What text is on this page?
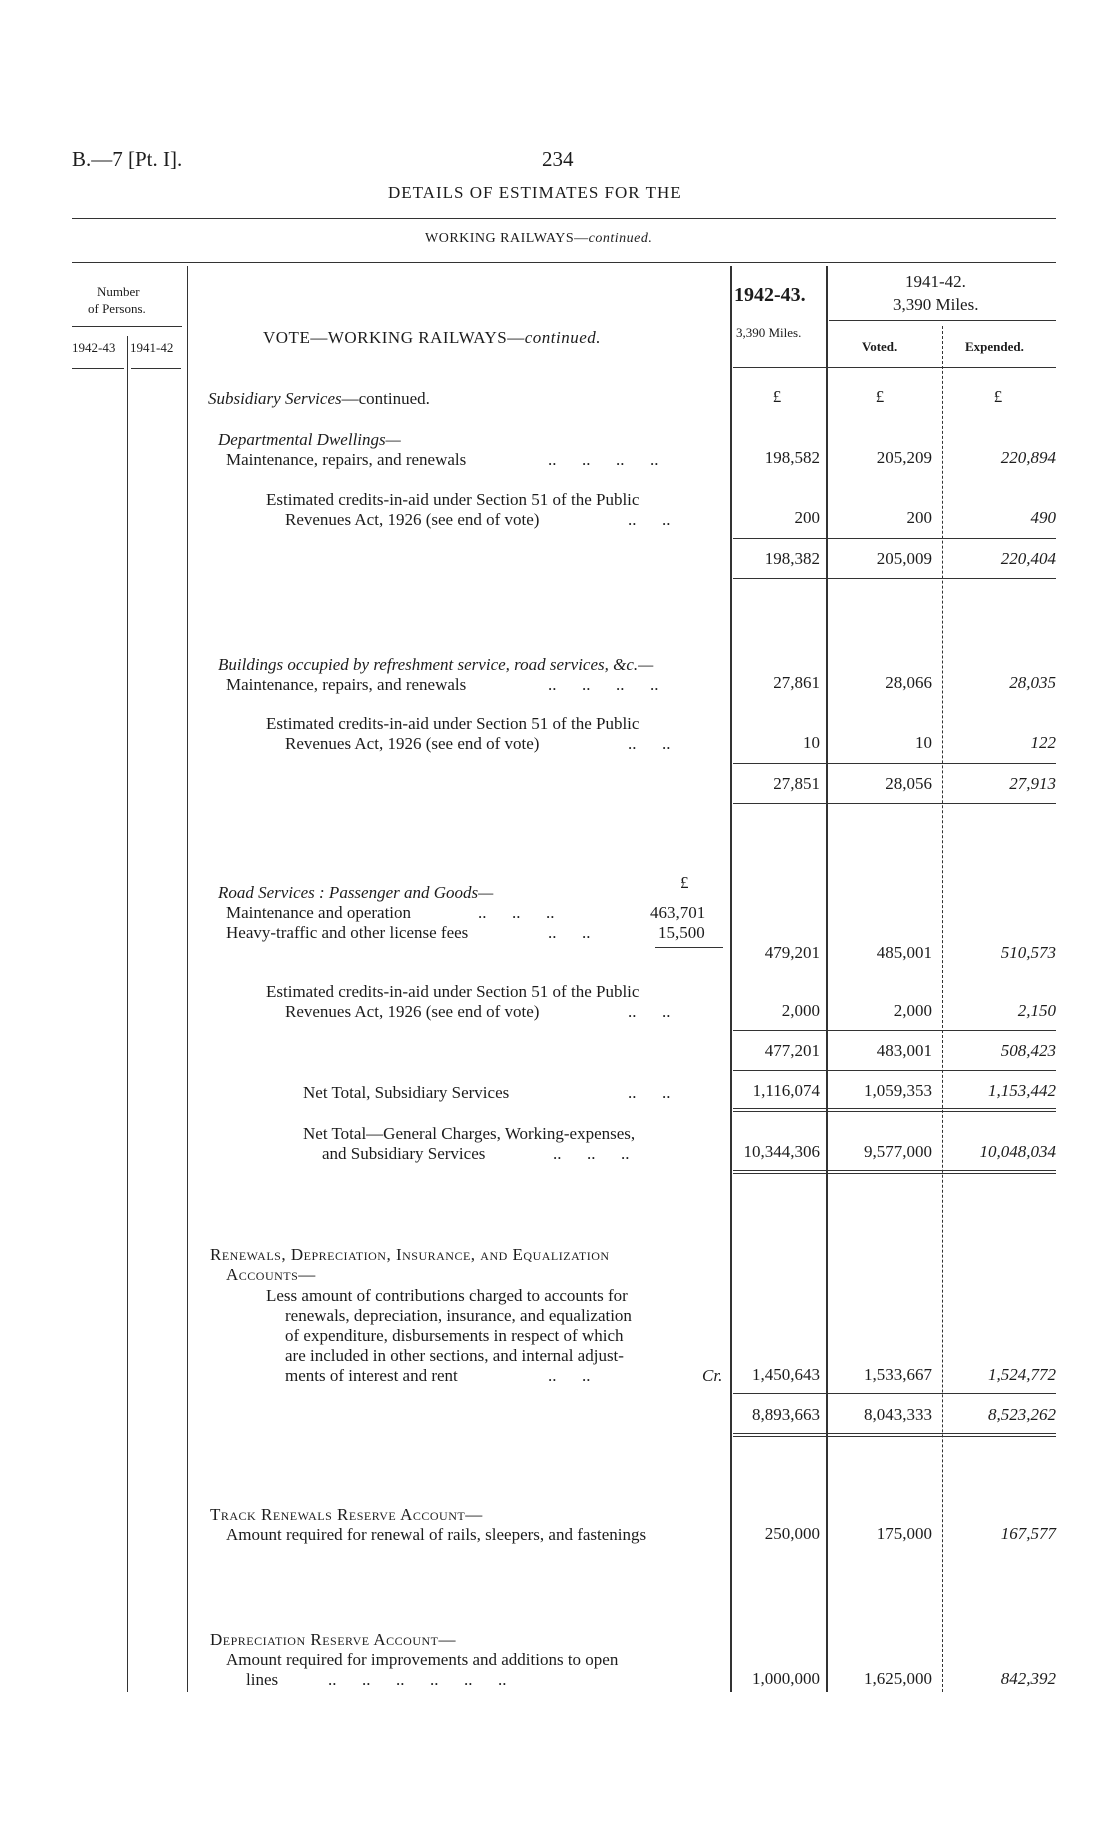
B.—7 [Pt. I].	234
DETAILS OF ESTIMATES FOR THE
WORKING RAILWAYS—continued.
Number
of Persons.
1942-43 1941-42
1942-43.
3,390 Miles.
1941-42.
3,390 Miles.
Voted.	Expended.
VOTE—WORKING RAILWAYS—continued.
Subsidiary Services—continued.	£	£	£
Departmental Dwellings—
Maintenance, repairs, and renewals	..      ..      ..      ..	198,582	205,209	220,894
Estimated credits-in-aid under Section 51 of the Public
Revenues Act, 1926 (see end of vote)	..      ..	200	200	490
198,382	205,009	220,404
Buildings occupied by refreshment service, road services, &c.—
Maintenance, repairs, and renewals	..      ..      ..      ..	27,861	28,066	28,035
Estimated credits-in-aid under Section 51 of the Public
Revenues Act, 1926 (see end of vote)	..      ..	10	10	122
27,851	28,056	27,913
£
Road Services : Passenger and Goods—
Maintenance and operation	..      ..      ..	463,701
Heavy-traffic and other license fees	..      ..	15,500
479,201	485,001	510,573
Estimated credits-in-aid under Section 51 of the Public
Revenues Act, 1926 (see end of vote)	..      ..	2,000	2,000	2,150
477,201	483,001	508,423
Net Total, Subsidiary Services	..      ..	1,116,074	1,059,353	1,153,442
Net Total—General Charges, Working-expenses,
and Subsidiary Services	..      ..      ..	10,344,306	9,577,000	10,048,034
Renewals, Depreciation, Insurance, and Equalization
Accounts—
Less amount of contributions charged to accounts for
renewals, depreciation, insurance, and equalization
of expenditure, disbursements in respect of which
are included in other sections, and internal adjust-
ments of interest and rent	..      ..	Cr.	1,450,643	1,533,667	1,524,772
8,893,663	8,043,333	8,523,262
Track Renewals Reserve Account—
Amount required for renewal of rails, sleepers, and fastenings	250,000	175,000	167,577
Depreciation Reserve Account—
Amount required for improvements and additions to open
lines	..      ..      ..      ..      ..      ..	1,000,000	1,625,000	842,392
